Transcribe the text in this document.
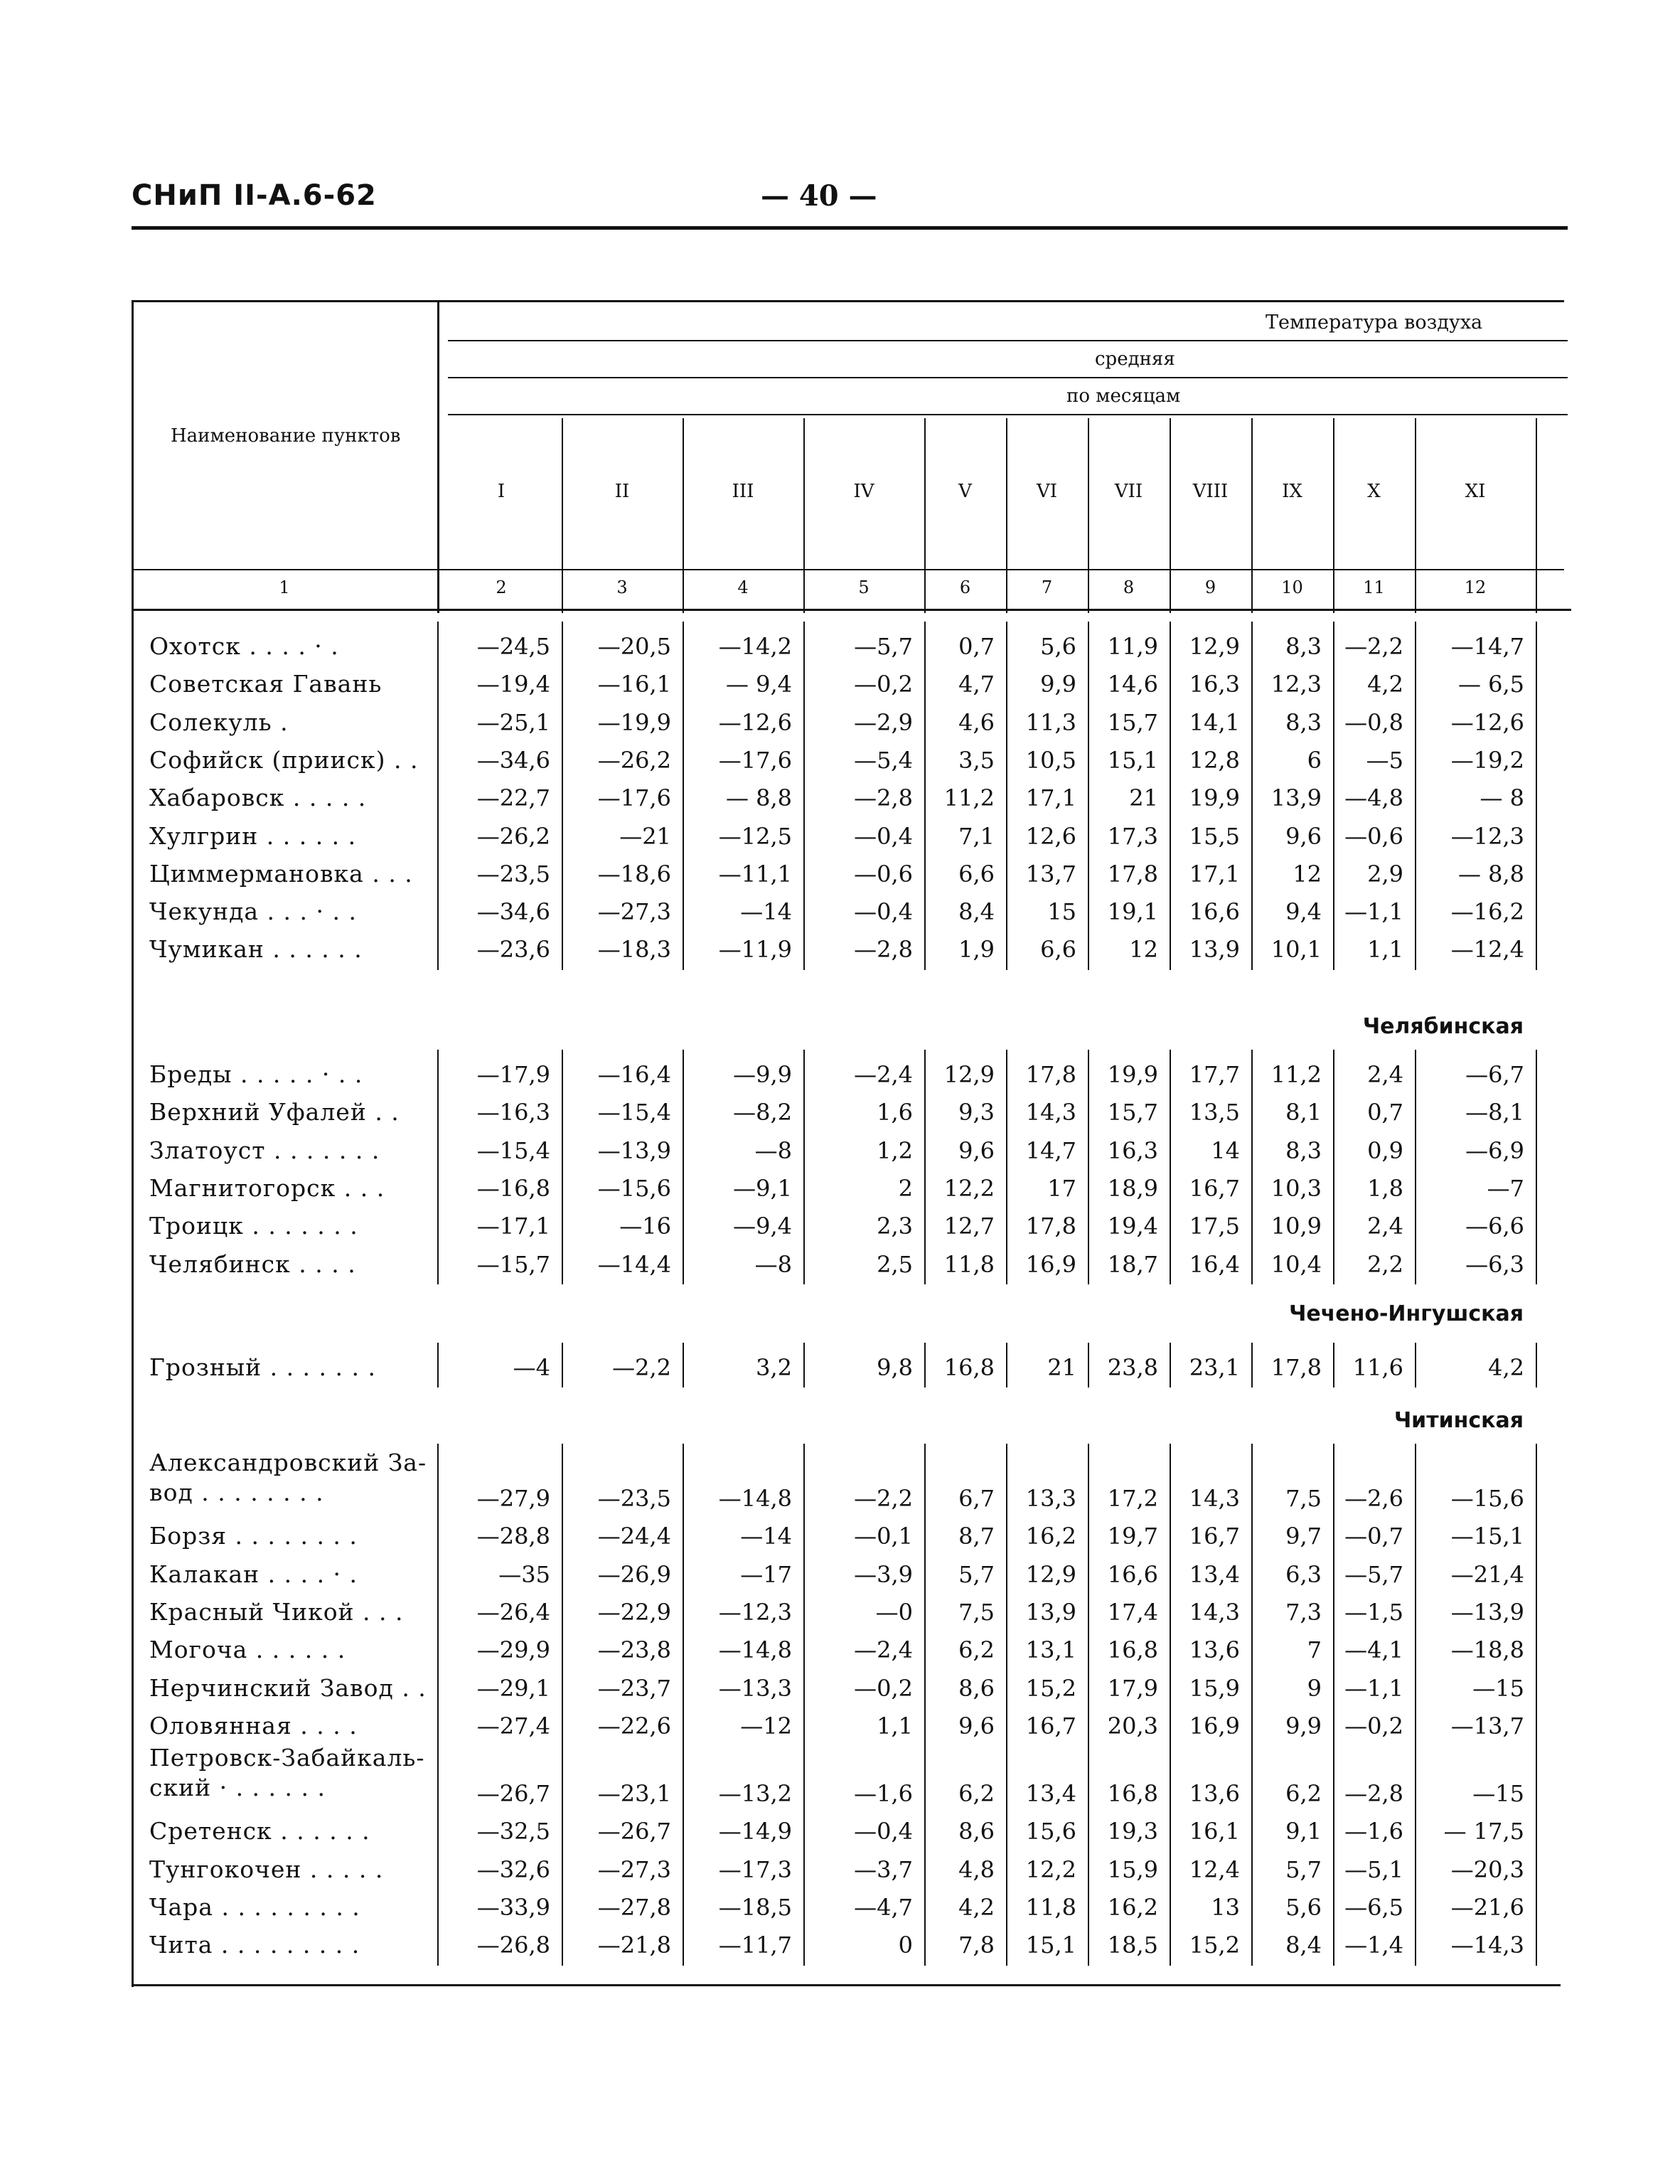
СНиП II-А.6-62	— 40 —
Температура воздуха
средняя
по месяцам
Наименование пунктов
I	II	III	IV	V	VI	VII	VIII	IX	X	XI
1	2	3	4	5	6	7	8	9	10	11	12
Охотск . . . . · .	—24,5	—20,5	—14,2	—5,7	0,7	5,6	11,9	12,9	8,3	—2,2	—14,7
Советская Гавань	—19,4	—16,1	— 9,4	—0,2	4,7	9,9	14,6	16,3	12,3	4,2	— 6,5
Солекуль .	—25,1	—19,9	—12,6	—2,9	4,6	11,3	15,7	14,1	8,3	—0,8	—12,6
Софийск (прииск) . .	—34,6	—26,2	—17,6	—5,4	3,5	10,5	15,1	12,8	6	—5	—19,2
Хабаровск . . . . .	—22,7	—17,6	— 8,8	—2,8	11,2	17,1	21	19,9	13,9	—4,8	— 8
Хулгрин . . . . . .	—26,2	—21	—12,5	—0,4	7,1	12,6	17,3	15,5	9,6	—0,6	—12,3
Циммермановка . . .	—23,5	—18,6	—11,1	—0,6	6,6	13,7	17,8	17,1	12	2,9	— 8,8
Чекунда . . . · . .	—34,6	—27,3	—14	—0,4	8,4	15	19,1	16,6	9,4	—1,1	—16,2
Чумикан . . . . . .	—23,6	—18,3	—11,9	—2,8	1,9	6,6	12	13,9	10,1	1,1	—12,4
Челябинская
Бреды . . . . . · . .	—17,9	—16,4	—9,9	—2,4	12,9	17,8	19,9	17,7	11,2	2,4	—6,7
Верхний Уфалей . .	—16,3	—15,4	—8,2	1,6	9,3	14,3	15,7	13,5	8,1	0,7	—8,1
Златоуст . . . . . . .	—15,4	—13,9	—8	1,2	9,6	14,7	16,3	14	8,3	0,9	—6,9
Магнитогорск . . .	—16,8	—15,6	—9,1	2	12,2	17	18,9	16,7	10,3	1,8	—7
Троицк . . . . . . .	—17,1	—16	—9,4	2,3	12,7	17,8	19,4	17,5	10,9	2,4	—6,6
Челябинск . . . .	—15,7	—14,4	—8	2,5	11,8	16,9	18,7	16,4	10,4	2,2	—6,3
Чечено-Ингушская
Грозный . . . . . . .	—4	—2,2	3,2	9,8	16,8	21	23,8	23,1	17,8	11,6	4,2
Читинская
Александровский За-
вод . . . . . . . .	—27,9	—23,5	—14,8	—2,2	6,7	13,3	17,2	14,3	7,5	—2,6	—15,6
Борзя . . . . . . . .	—28,8	—24,4	—14	—0,1	8,7	16,2	19,7	16,7	9,7	—0,7	—15,1
Калакан . . . . · .	—35	—26,9	—17	—3,9	5,7	12,9	16,6	13,4	6,3	—5,7	—21,4
Красный Чикой . . .	—26,4	—22,9	—12,3	—0	7,5	13,9	17,4	14,3	7,3	—1,5	—13,9
Могоча . . . . . .	—29,9	—23,8	—14,8	—2,4	6,2	13,1	16,8	13,6	7	—4,1	—18,8
Нерчинский Завод . .	—29,1	—23,7	—13,3	—0,2	8,6	15,2	17,9	15,9	9	—1,1	—15
Оловянная . . . .	—27,4	—22,6	—12	1,1	9,6	16,7	20,3	16,9	9,9	—0,2	—13,7
Петровск-Забайкаль-
ский · . . . . . .	—26,7	—23,1	—13,2	—1,6	6,2	13,4	16,8	13,6	6,2	—2,8	—15
Сретенск . . . . . .	—32,5	—26,7	—14,9	—0,4	8,6	15,6	19,3	16,1	9,1	—1,6	— 17,5
Тунгокочен . . . . .	—32,6	—27,3	—17,3	—3,7	4,8	12,2	15,9	12,4	5,7	—5,1	—20,3
Чара . . . . . . . . .	—33,9	—27,8	—18,5	—4,7	4,2	11,8	16,2	13	5,6	—6,5	—21,6
Чита . . . . . . . . .	—26,8	—21,8	—11,7	0	7,8	15,1	18,5	15,2	8,4	—1,4	—14,3
